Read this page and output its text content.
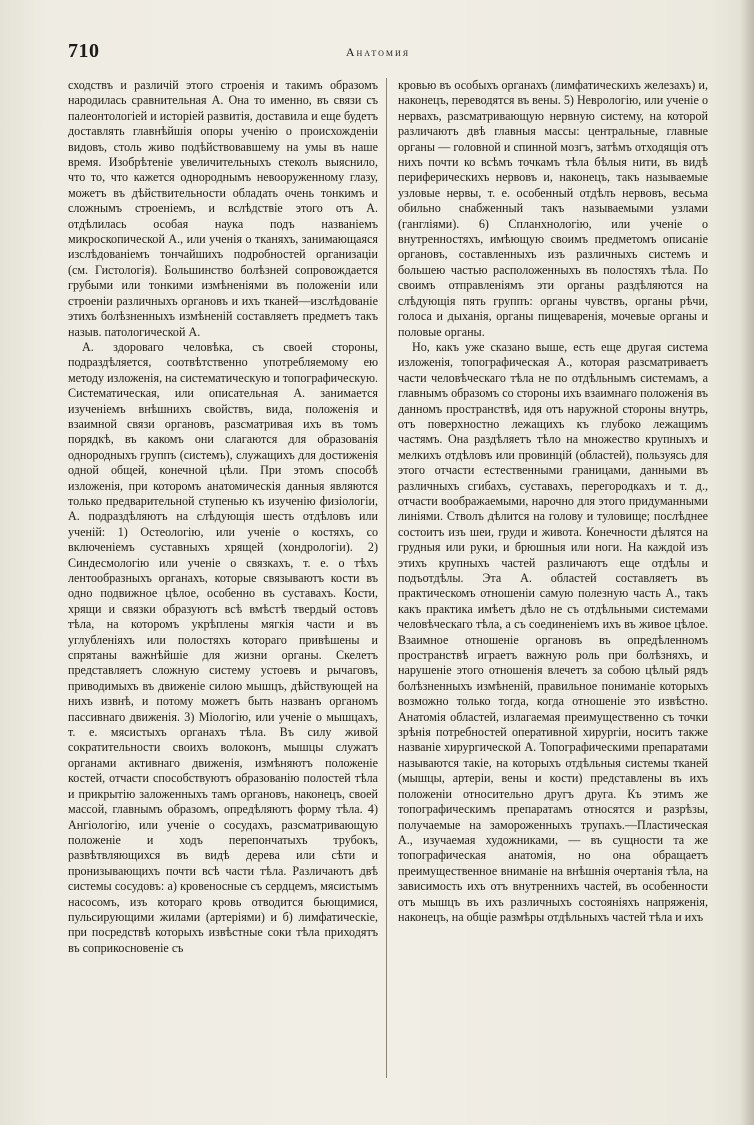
710	Анатомия

сходствъ и различій этого строенія и такимъ образомъ народилась сравнительная А. Она то именно, въ связи съ палеонтологіей и исторіей развитія, доставила и еще будетъ доставлять главнѣйшія опоры ученію о происхожденіи видовъ, столь живо подѣйствовавшему на умы въ наше время. Изобрѣтеніе увеличительныхъ стеколъ выяснило, что то, что кажется однороднымъ невооруженному глазу, можетъ въ дѣйствительности обладать очень тонкимъ и сложнымъ строеніемъ, и вслѣдствіе этого отъ А. отдѣлилась особая наука подъ названіемъ микроскопической А., или ученія о тканяхъ, занимающаяся изслѣдованіемъ тончайшихъ подробностей организаціи (см. Гистологія). Большинство болѣзней сопровождается грубыми или тонкими измѣненіями въ положеніи или строеніи различныхъ органовъ и ихъ тканей—изслѣдованіе этихъ болѣзненныхъ измѣненій составляетъ предметъ такъ назыв. патологической А.

А. здороваго человѣка, съ своей стороны, подраздѣляется, соотвѣтственно употребляемому ею методу изложенія, на систематическую и топографическую. Систематическая, или описательная А. занимается изученіемъ внѣшнихъ свойствъ, вида, положенія и взаимной связи органовъ, разсматривая ихъ въ томъ порядкѣ, въ какомъ они слагаются для образованія однородныхъ группъ (системъ), служащихъ для достиженія одной общей, конечной цѣли. При этомъ способѣ изложенія, при которомъ анатомическія данныя являются только предварительной ступенью къ изученію физіологіи, А. подраздѣляютъ на слѣдующія шесть отдѣловъ или ученій: 1) Остеологію, или ученіе о костяхъ, со включеніемъ суставныхъ хрящей (хондрологіи). 2) Синдесмологію или ученіе о связкахъ, т. е. о тѣхъ лентообразныхъ органахъ, которые связываютъ кости въ одно подвижное цѣлое, особенно въ суставахъ. Кости, хрящи и связки образуютъ всѣ вмѣстѣ твердый остовъ тѣла, на которомъ укрѣплены мягкія части и въ углубленіяхъ или полостяхъ котораго привѣшены и спрятаны важнѣйшіе для жизни органы. Скелетъ представляетъ сложную систему устоевъ и рычаговъ, приводимыхъ въ движеніе силою мышцъ, дѣйствующей на нихъ извнѣ, и потому можетъ быть названъ органомъ пассивнаго движенія. 3) Міологію, или ученіе о мышцахъ, т. е. мясистыхъ органахъ тѣла. Въ силу живой сократительности своихъ волоконъ, мышцы служатъ органами активнаго движенія, измѣняютъ положеніе костей, отчасти способствуютъ образованію полостей тѣла и прикрытію заложенныхъ тамъ органовъ, наконецъ, своей массой, главнымъ образомъ, опредѣляютъ форму тѣла. 4) Ангіологію, или ученіе о сосудахъ, разсматривающую положеніе и ходъ перепончатыхъ трубокъ, развѣтвляющихся въ видѣ дерева или сѣти и пронизывающихъ почти всѣ части тѣла. Различаютъ двѣ системы сосудовъ: а) кровеносные съ сердцемъ, мясистымъ насосомъ, изъ котораго кровь отводится бьющимися, пульсирующими жилами (артеріями) и б) лимфатическіе, при посредствѣ которыхъ извѣстные соки тѣла приходятъ въ соприкосновеніе съ

кровью въ особыхъ органахъ (лимфатическихъ железахъ) и, наконецъ, переводятся въ вены. 5) Неврологію, или ученіе о нервахъ, разсматривающую нервную систему, на которой различаютъ двѣ главныя массы: центральные, главные органы — головной и спинной мозгъ, затѣмъ отходящія отъ нихъ почти ко всѣмъ точкамъ тѣла бѣлыя нити, въ видѣ периферическихъ нервовъ и, наконецъ, такъ называемые узловые нервы, т. е. особенный отдѣлъ нервовъ, весьма обильно снабженный такъ называемыми узлами (ганглiями). 6) Спланхнологію, или ученіе о внутренностяхъ, имѣющую своимъ предметомъ описаніе органовъ, составленныхъ изъ различныхъ системъ и большею частью расположенныхъ въ полостяхъ тѣла. По своимъ отправленіямъ эти органы раздѣляются на слѣдующія пять группъ: органы чувствъ, органы рѣчи, голоса и дыханія, органы пищеваренія, мочевые органы и половые органы.

Но, какъ уже сказано выше, есть еще другая система изложенія, топографическая А., которая разсматриваетъ части человѣческаго тѣла не по отдѣльнымъ системамъ, а главнымъ образомъ со стороны ихъ взаимнаго положенія въ данномъ пространствѣ, идя отъ наружной стороны внутрь, отъ поверхностно лежащихъ къ глубоко лежащимъ частямъ. Она раздѣляетъ тѣло на множество крупныхъ и мелкихъ отдѣловъ или провинцій (областей), пользуясь для этого отчасти естественными границами, данными въ различныхъ сгибахъ, суставахъ, перегородкахъ и т. д., отчасти воображаемыми, нарочно для этого придуманными линіями. Стволъ дѣлится на голову и туловище; послѣднее состоитъ изъ шеи, груди и живота. Конечности дѣлятся на грудныя или руки, и брюшныя или ноги. На каждой изъ этихъ крупныхъ частей различаютъ еще отдѣлы и подъотдѣлы. Эта А. областей составляетъ въ практическомъ отношеніи самую полезную часть А., такъ какъ практика имѣетъ дѣло не съ отдѣльными системами человѣческаго тѣла, а съ соединеніемъ ихъ въ живое цѣлое. Взаимное отношеніе органовъ въ опредѣленномъ пространствѣ играетъ важную роль при болѣзняхъ, и нарушеніе этого отношенія влечетъ за собою цѣлый рядъ болѣзненныхъ измѣненій, правильное пониманіе которыхъ возможно только тогда, когда отношеніе это извѣстно. Анатомія областей, излагаемая преимущественно съ точки зрѣнія потребностей оперативной хирургіи, носитъ также названіе хирургической А. Топографическими препаратами называются такіе, на которыхъ отдѣльныя системы тканей (мышцы, артеріи, вены и кости) представлены въ ихъ положеніи относительно другъ друга. Къ этимъ же топографическимъ препаратамъ относятся и разрѣзы, получаемые на замороженныхъ трупахъ.—Пластическая А., изучаемая художниками, — въ сущности та же топографическая анатомія, но она обращаетъ преимущественное вниманіе на внѣшнія очертанія тѣла, на зависимость ихъ отъ внутреннихъ частей, въ особенности отъ мышцъ въ ихъ различныхъ состояніяхъ напряженія, наконецъ, на общіе размѣры отдѣльныхъ частей тѣла и ихъ
